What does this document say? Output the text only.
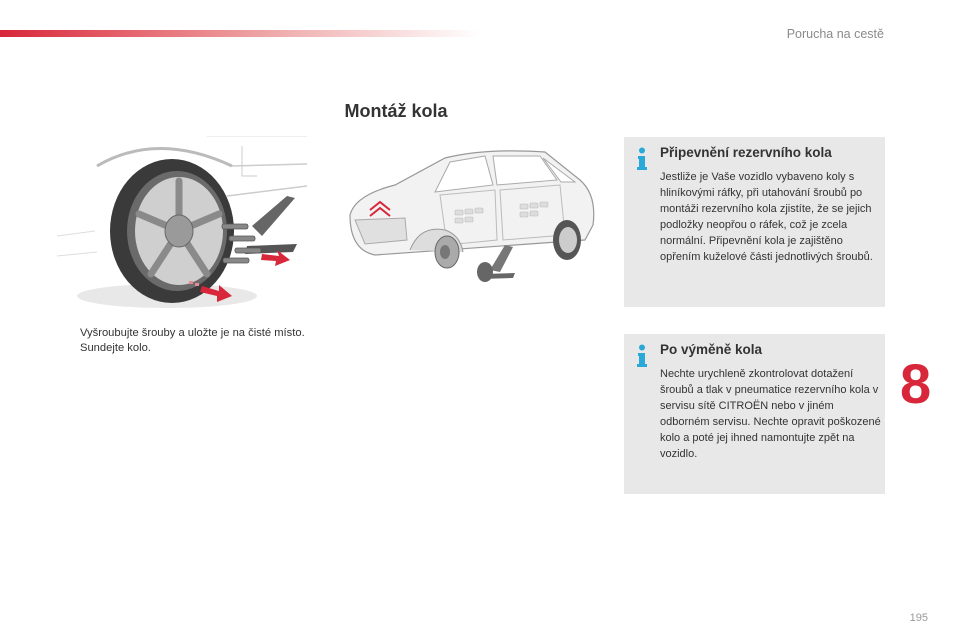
Porucha na cestě
Montáž kola
Vyšroubujte šrouby a uložte je na čisté místo.
Sundejte kolo.
Připevnění rezervního kola

Jestliže je Vaše vozidlo vybaveno koly s hliníkovými ráfky, při utahování šroubů po montáži rezervního kola zjistíte, že se jejich podložky neopřou o ráfek, což je zcela normální. Připevnění kola je zajištěno opřením kuželové části jednotlivých šroubů.

Po výměně kola

Nechte urychleně zkontrolovat dotažení šroubů a tlak v pneumatice rezervního kola v servisu sítě CITROËN nebo v jiném odborném servisu. Nechte opravit poškozené kolo a poté jej ihned namontujte zpět na vozidlo.

8
195
